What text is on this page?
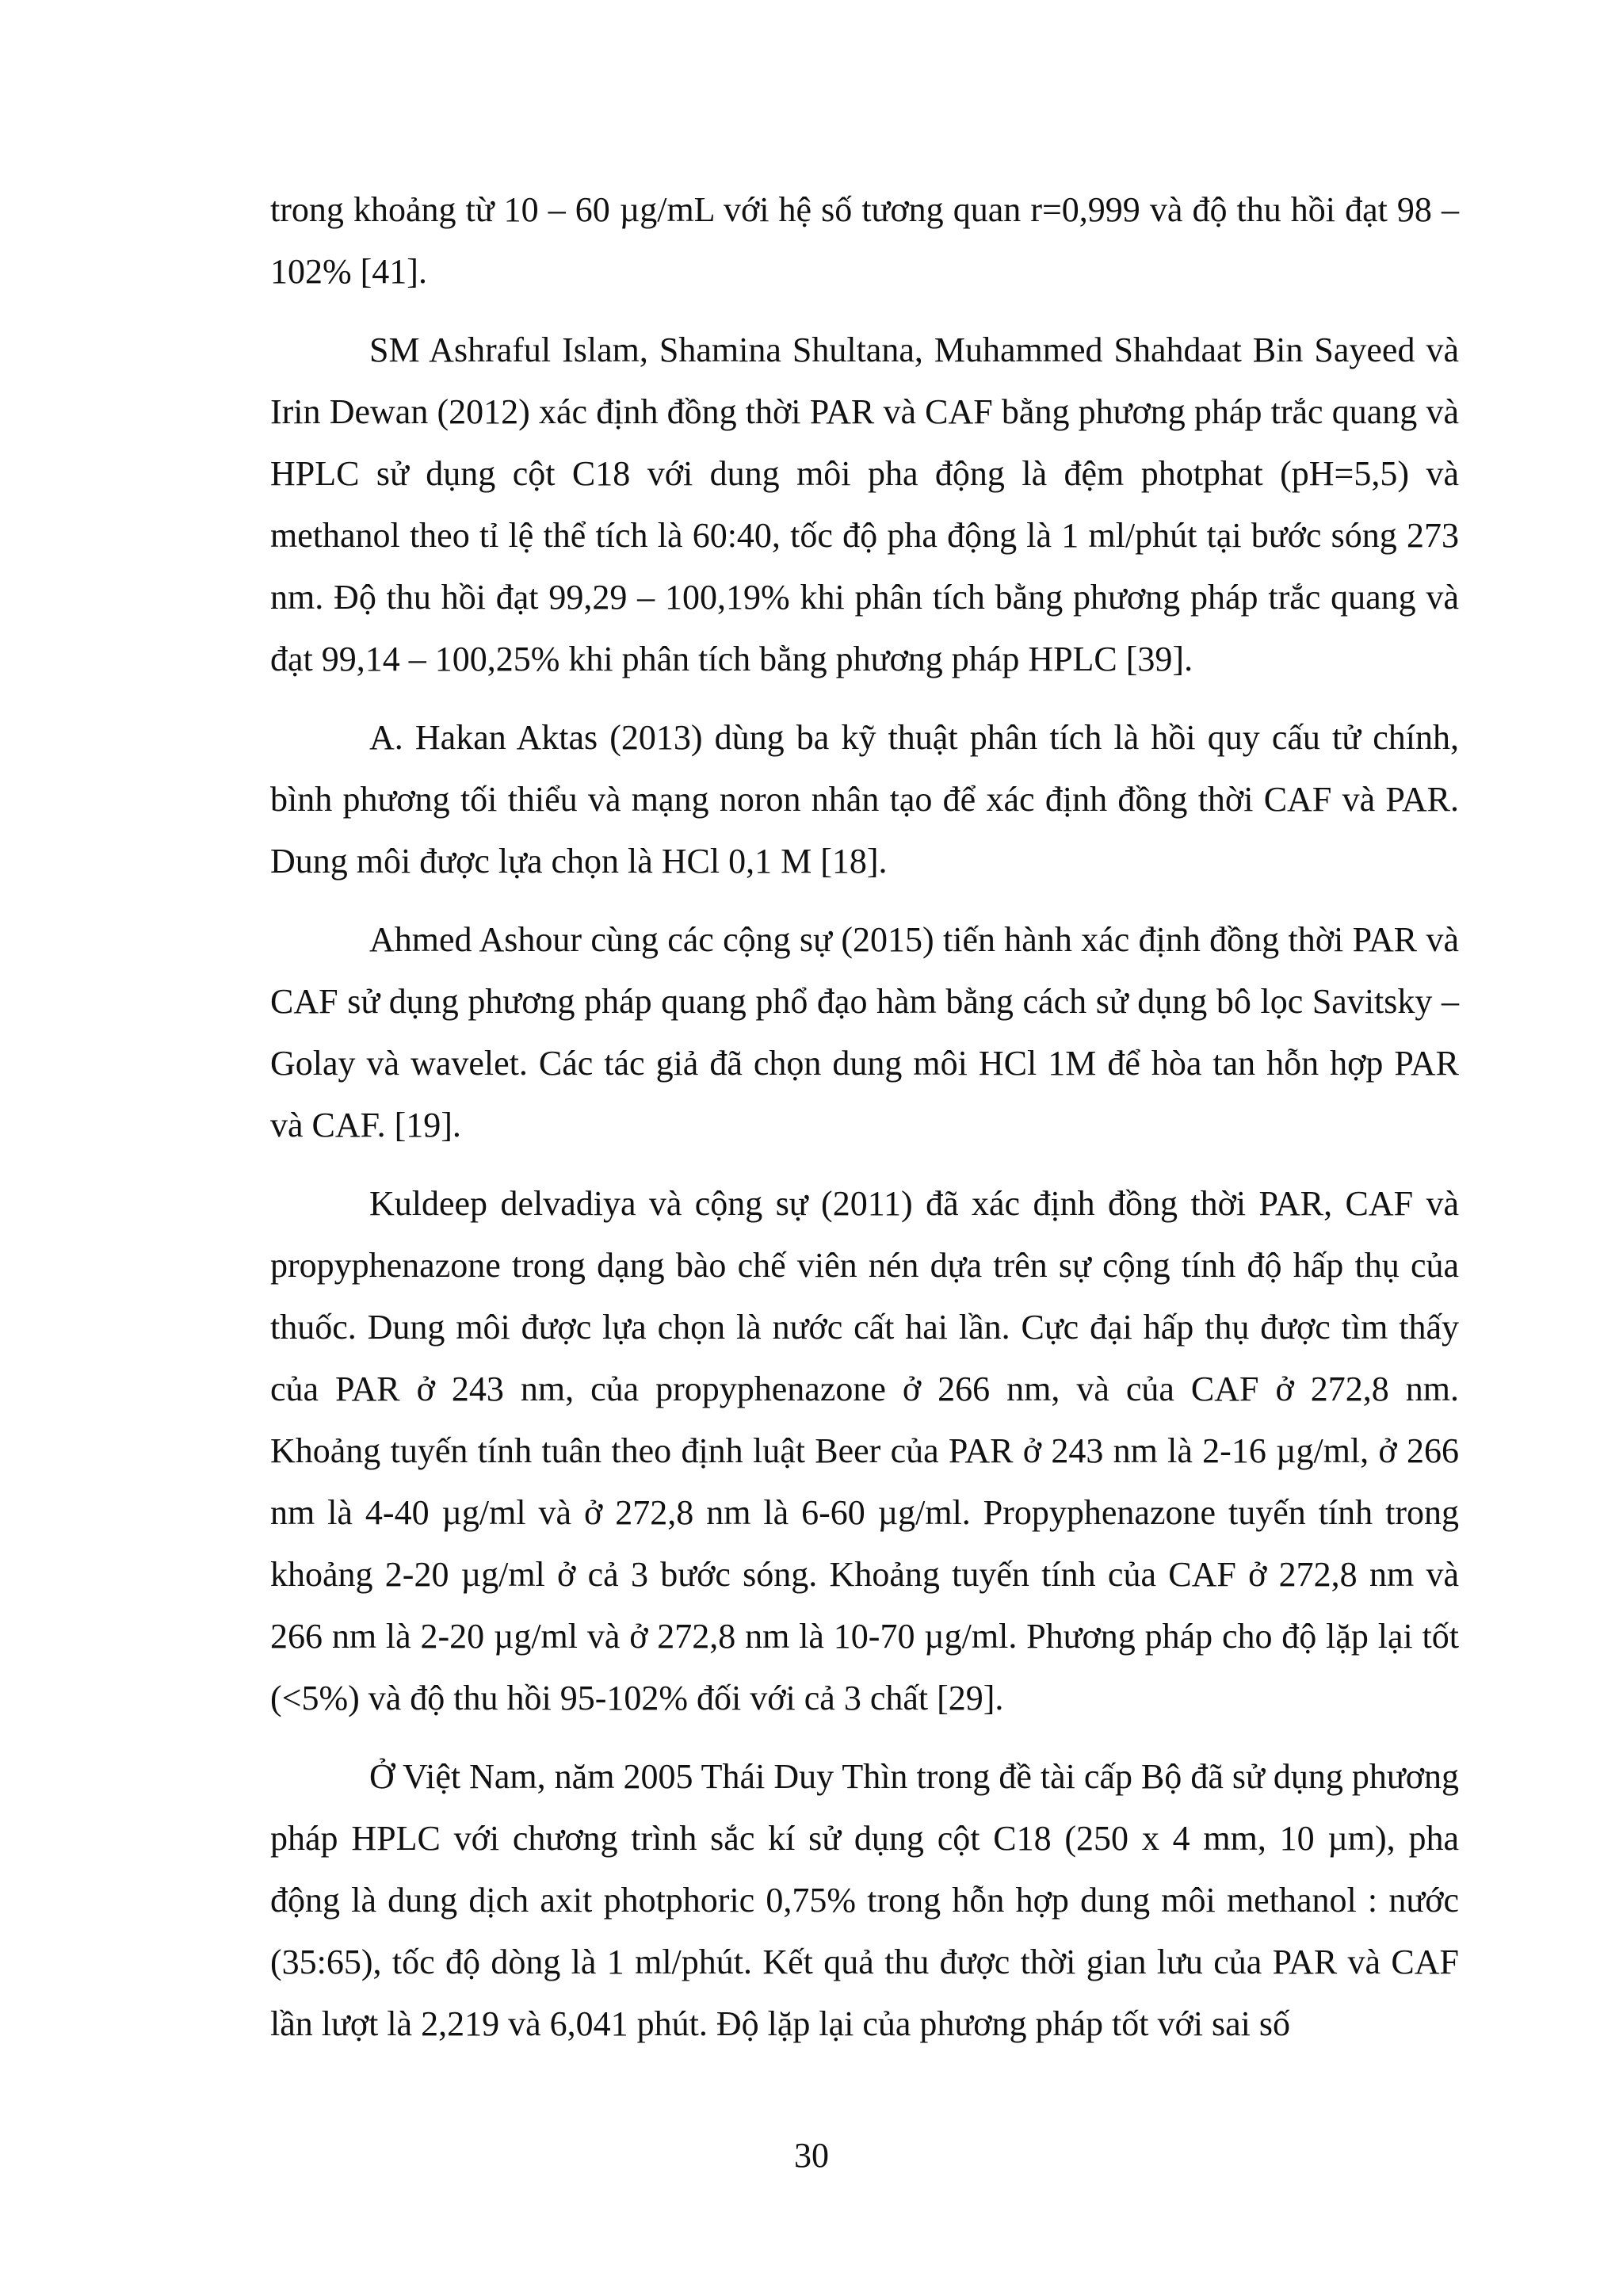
trong khoảng từ 10 – 60 µg/mL với hệ số tương quan r=0,999 và độ thu hồi đạt 98 – 102% [41].

SM Ashraful Islam, Shamina Shultana, Muhammed Shahdaat Bin Sayeed và Irin Dewan (2012) xác định đồng thời PAR và CAF bằng phương pháp trắc quang và HPLC sử dụng cột C18 với dung môi pha động là đệm photphat (pH=5,5) và methanol theo tỉ lệ thể tích là 60:40, tốc độ pha động là 1 ml/phút tại bước sóng 273 nm. Độ thu hồi đạt 99,29 – 100,19% khi phân tích bằng phương pháp trắc quang và đạt 99,14 – 100,25% khi phân tích bằng phương pháp HPLC [39].

A. Hakan Aktas (2013) dùng ba kỹ thuật phân tích là hồi quy cấu tử chính, bình phương tối thiểu và mạng noron nhân tạo để xác định đồng thời CAF và PAR. Dung môi được lựa chọn là HCl 0,1 M [18].

Ahmed Ashour cùng các cộng sự (2015) tiến hành xác định đồng thời PAR và CAF sử dụng phương pháp quang phổ đạo hàm bằng cách sử dụng bô lọc Savitsky – Golay và wavelet. Các tác giả đã chọn dung môi HCl 1M để hòa tan hỗn hợp PAR và CAF. [19].

Kuldeep delvadiya và cộng sự (2011) đã xác định đồng thời PAR, CAF và propyphenazone trong dạng bào chế viên nén dựa trên sự cộng tính độ hấp thụ của thuốc. Dung môi được lựa chọn là nước cất hai lần. Cực đại hấp thụ được tìm thấy của PAR ở 243 nm, của propyphenazone ở 266 nm, và của CAF ở 272,8 nm. Khoảng tuyến tính tuân theo định luật Beer của PAR ở 243 nm là 2-16 µg/ml, ở 266 nm là 4-40 µg/ml và ở 272,8 nm là 6-60 µg/ml. Propyphenazone tuyến tính trong khoảng 2-20 µg/ml ở cả 3 bước sóng. Khoảng tuyến tính của CAF ở 272,8 nm và 266 nm là 2-20 µg/ml và ở 272,8 nm là 10-70 µg/ml. Phương pháp cho độ lặp lại tốt (<5%) và độ thu hồi 95-102% đối với cả 3 chất [29].

Ở Việt Nam, năm 2005 Thái Duy Thìn trong đề tài cấp Bộ đã sử dụng phương pháp HPLC với chương trình sắc kí sử dụng cột C18 (250 x 4 mm, 10 µm), pha động là dung dịch axit photphoric 0,75% trong hỗn hợp dung môi methanol : nước (35:65), tốc độ dòng là 1 ml/phút. Kết quả thu được thời gian lưu của PAR và CAF lần lượt là 2,219 và 6,041 phút. Độ lặp lại của phương pháp tốt với sai số

30
